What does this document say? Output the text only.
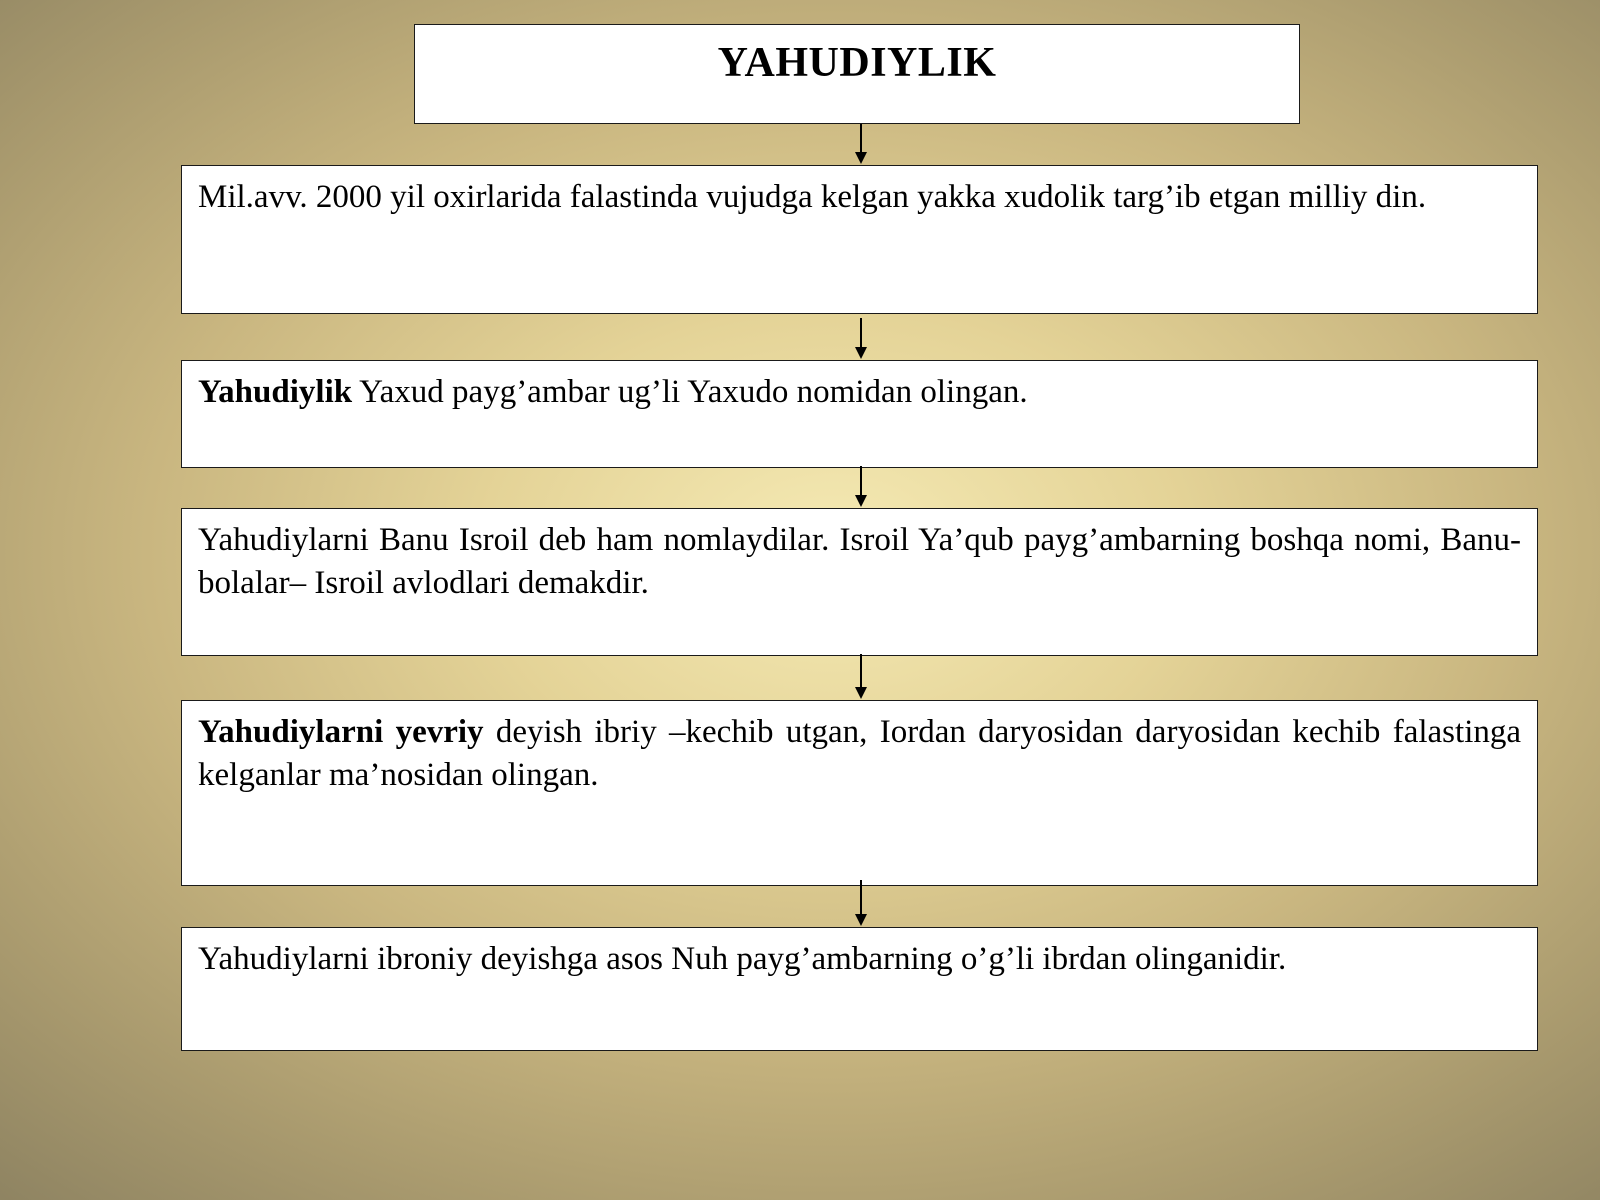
YAHUDIYLIK
Mil.avv. 2000 yil oxirlarida falastinda vujudga kelgan yakka xudolik targ’ib etgan milliy din.
Yahudiylik Yaxud payg’ambar ug’li Yaxudo nomidan olingan.
Yahudiylarni Banu Isroil deb ham nomlaydilar. Isroil Ya’qub payg’ambarning boshqa nomi, Banu-bolalar– Isroil avlodlari demakdir.
Yahudiylarni yevriy deyish ibriy –kechib utgan, Iordan daryosidan daryosidan kechib falastinga kelganlar ma’nosidan olingan.
Yahudiylarni ibroniy deyishga asos Nuh payg’ambarning o’g’li ibrdan olinganidir.
